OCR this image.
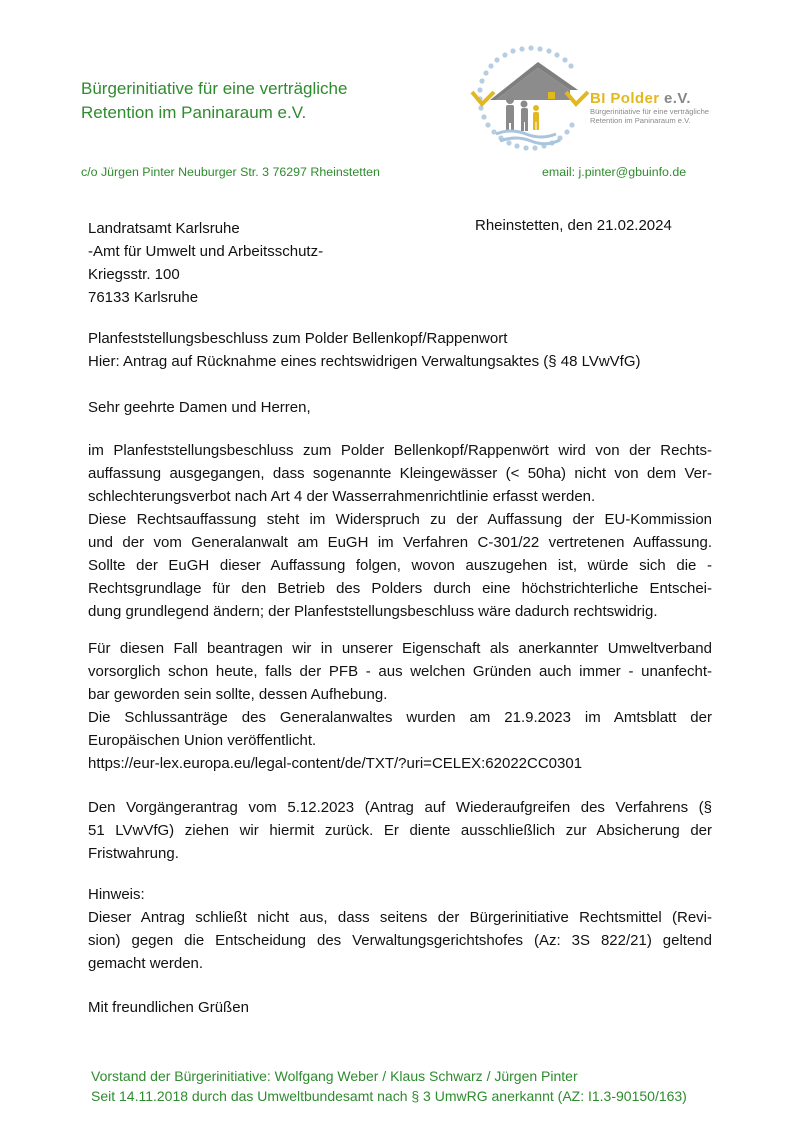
Bürgerinitiative für eine verträgliche
Retention im Paninaraum e.V.
BI Polder e.V.
Bürgerinitiative für eine verträgliche
Retention im Paninaraum e.V.
c/o Jürgen Pinter Neuburger Str. 3 76297 Rheinstetten	email: j.pinter@gbuinfo.de
Landratsamt Karlsruhe
-Amt für Umwelt und Arbeitsschutz-
Kriegsstr. 100
76133 Karlsruhe
Rheinstetten, den 21.02.2024
Planfeststellungsbeschluss zum Polder Bellenkopf/Rappenwort
Hier: Antrag auf Rücknahme eines rechtswidrigen Verwaltungsaktes (§ 48 LVwVfG)
Sehr geehrte Damen und Herren,
im Planfeststellungsbeschluss zum Polder Bellenkopf/Rappenwört wird von der Rechts-
auffassung ausgegangen, dass sogenannte Kleingewässer (< 50ha) nicht von dem Ver-
schlechterungsverbot nach Art 4 der Wasserrahmenrichtlinie erfasst werden.
Diese Rechtsauffassung steht im Widerspruch zu der Auffassung der EU-Kommission
und der vom Generalanwalt am EuGH im Verfahren C-301/22 vertretenen Auffassung.
Sollte der EuGH dieser Auffassung folgen, wovon auszugehen ist, würde sich die -
Rechtsgrundlage für den Betrieb des Polders durch eine höchstrichterliche Entschei-
dung grundlegend ändern; der Planfeststellungsbeschluss wäre dadurch rechtswidrig.
Für diesen Fall beantragen wir in unserer Eigenschaft als anerkannter Umweltverband
vorsorglich schon heute, falls der PFB - aus welchen Gründen auch immer - unanfecht-
bar geworden sein sollte, dessen Aufhebung.
Die Schlussanträge des Generalanwaltes wurden am 21.9.2023 im Amtsblatt der
Europäischen Union veröffentlicht.
https://eur-lex.europa.eu/legal-content/de/TXT/?uri=CELEX:62022CC0301
Den Vorgängerantrag vom 5.12.2023 (Antrag auf Wiederaufgreifen des Verfahrens (§
51 LVwVfG) ziehen wir hiermit zurück. Er diente ausschließlich zur Absicherung der
Fristwahrung.
Hinweis:
Dieser Antrag schließt nicht aus, dass seitens der Bürgerinitiative Rechtsmittel (Revi-
sion) gegen die Entscheidung des Verwaltungsgerichtshofes (Az: 3S 822/21) geltend
gemacht werden.
Mit freundlichen Grüßen
Vorstand der Bürgerinitiative: Wolfgang Weber / Klaus Schwarz / Jürgen Pinter
Seit 14.11.2018 durch das Umweltbundesamt nach § 3 UmwRG anerkannt (AZ: I1.3-90150/163)
